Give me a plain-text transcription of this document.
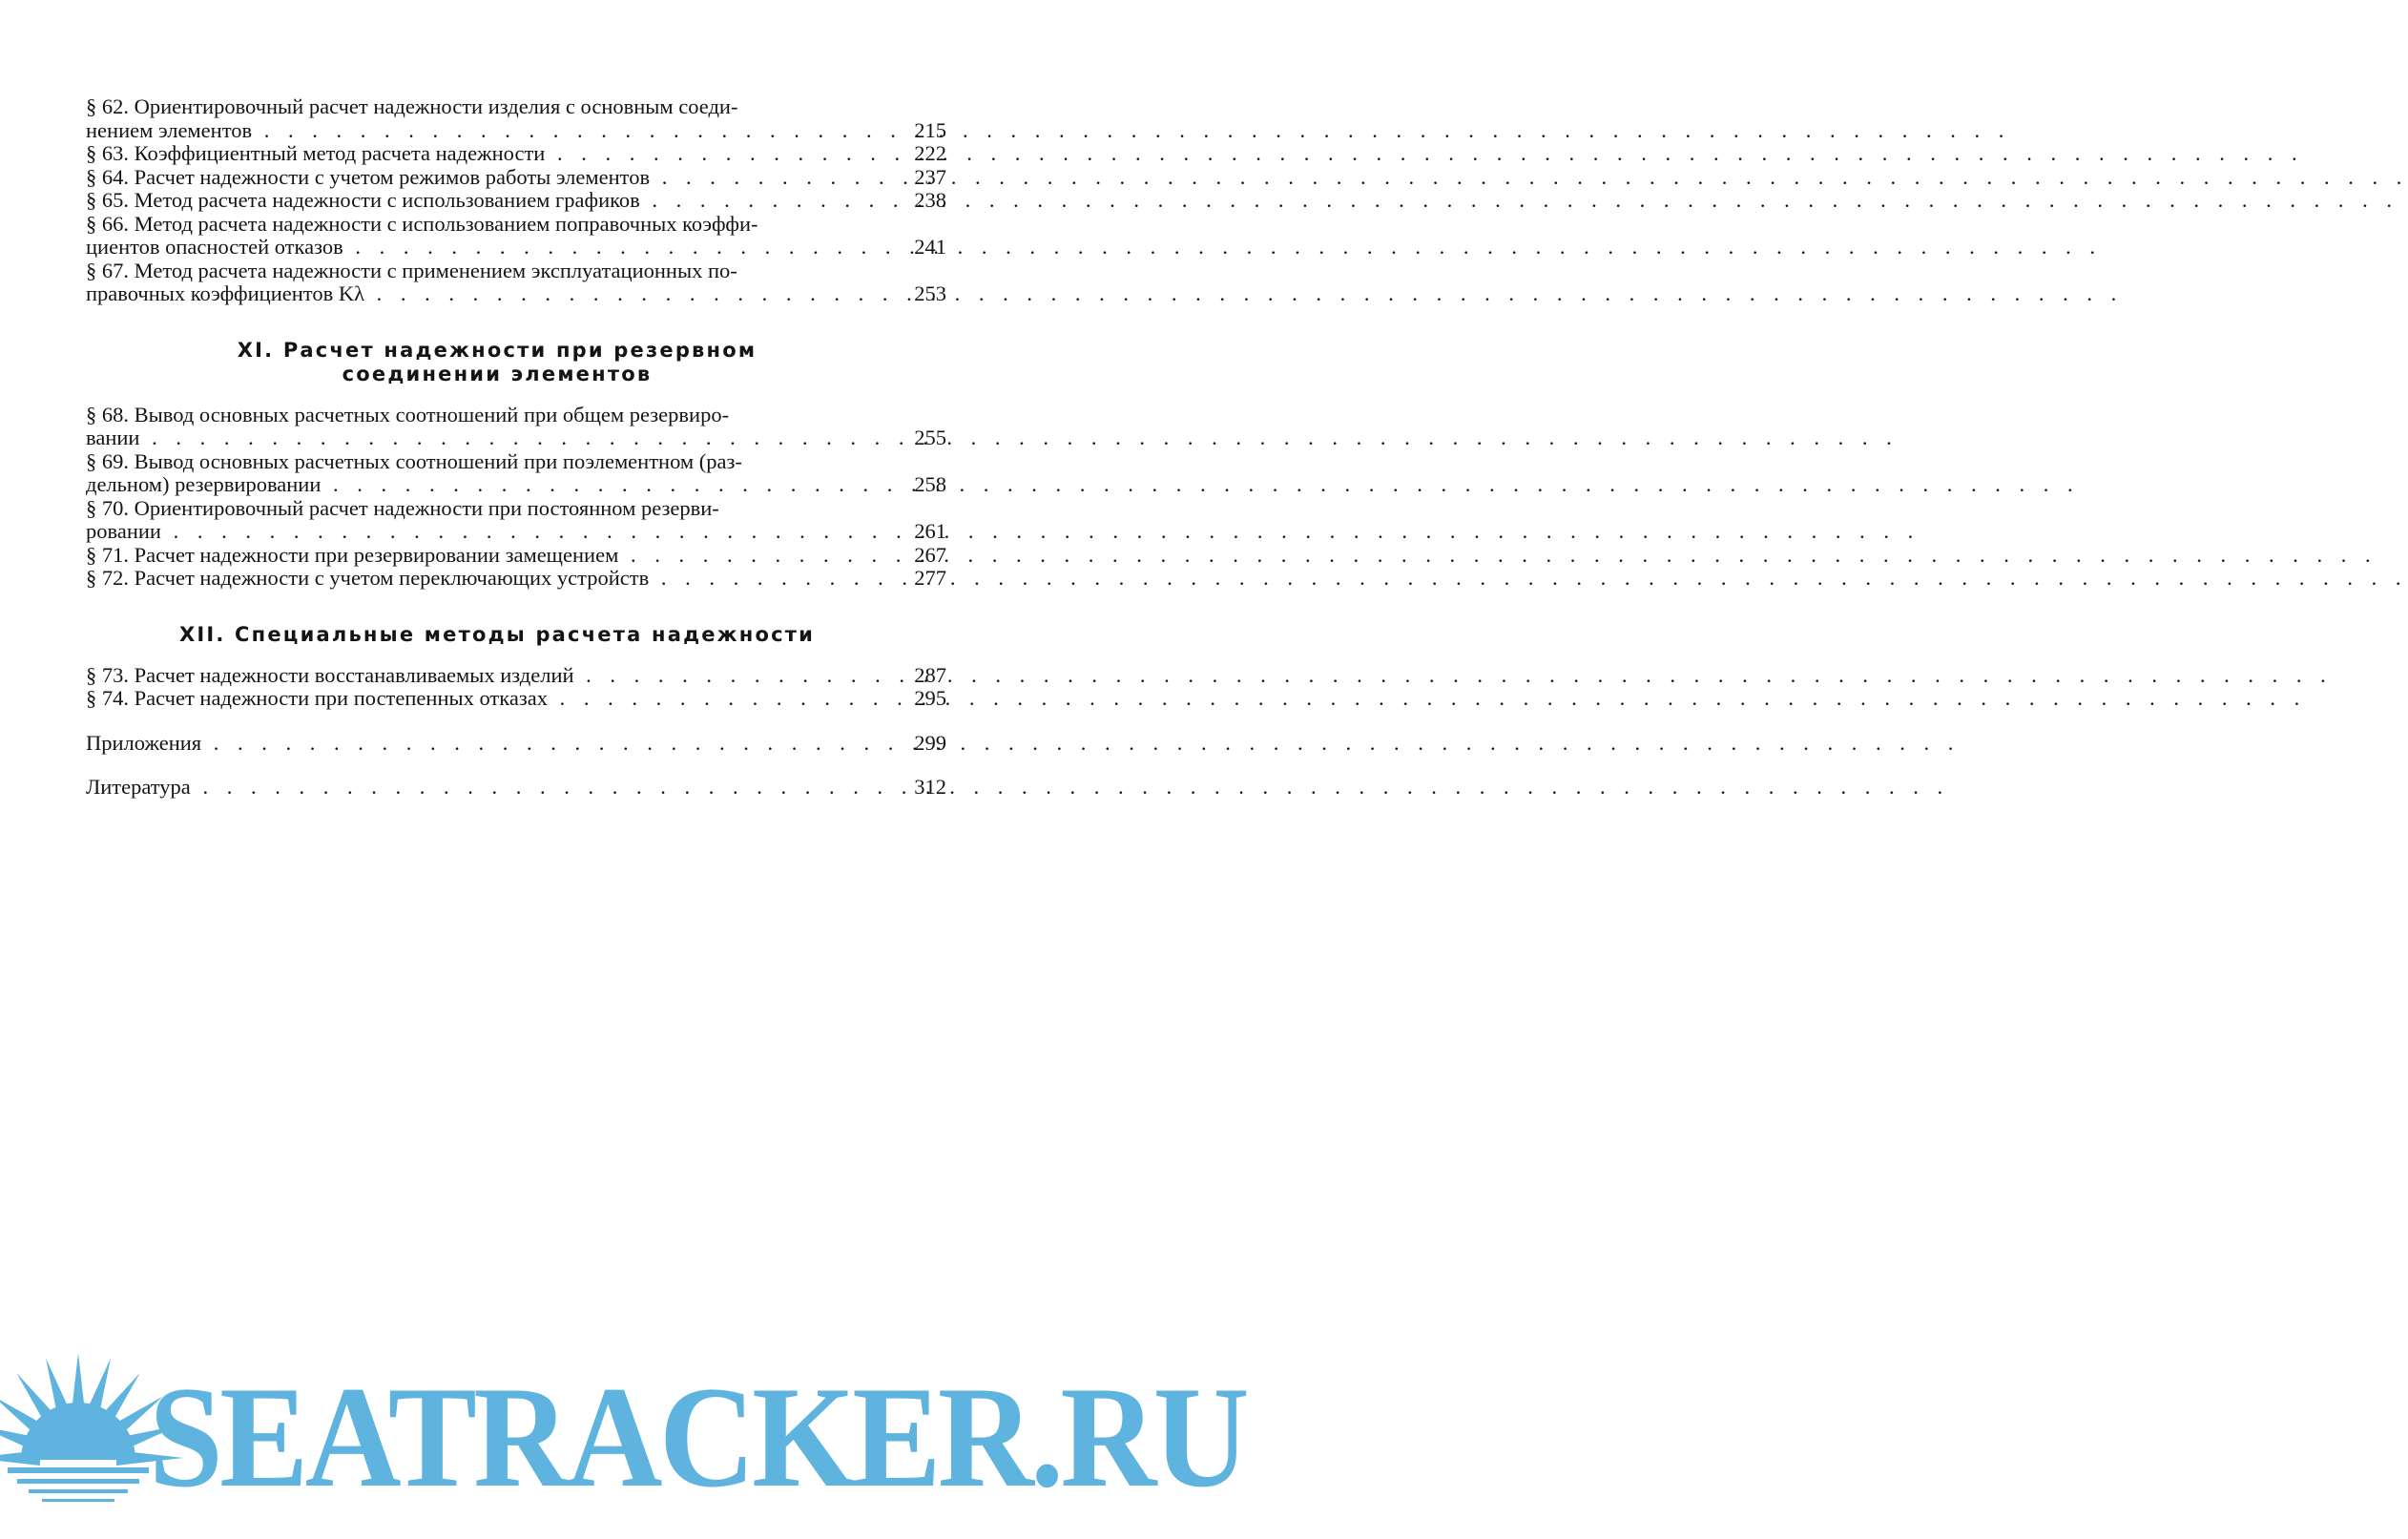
§ 62. Ориентировочный расчет надежности изделия с основным соеди-
нением элементов . . .	215
§ 63. Коэффициентный метод расчета надежности . . .	222
§ 64. Расчет надежности с учетом режимов работы элементов . . .	237
§ 65. Метод расчета надежности с использованием графиков . . .	238
§ 66. Метод расчета надежности с использованием поправочных коэффи-
циентов опасностей отказов . . .	241
§ 67. Метод расчета надежности с применением эксплуатационных по-
правочных коэффициентов Kλ . . .	253
XI. Расчет надежности при резервном
соединении элементов
§ 68. Вывод основных расчетных соотношений при общем резервиро-
вании . . .	255
§ 69. Вывод основных расчетных соотношений при поэлементном (раз-
дельном) резервировании . . .	258
§ 70. Ориентировочный расчет надежности при постоянном резерви-
ровании . . .	261
§ 71. Расчет надежности при резервировании замещением . . .	267
§ 72. Расчет надежности с учетом переключающих устройств . . .	277
XII. Специальные методы расчета надежности
§ 73. Расчет надежности восстанавливаемых изделий . . .	287
§ 74. Расчет надежности при постепенных отказах . . .	295
Приложения . . .	299
Литература . . .	312
SEATRACKER.RU
